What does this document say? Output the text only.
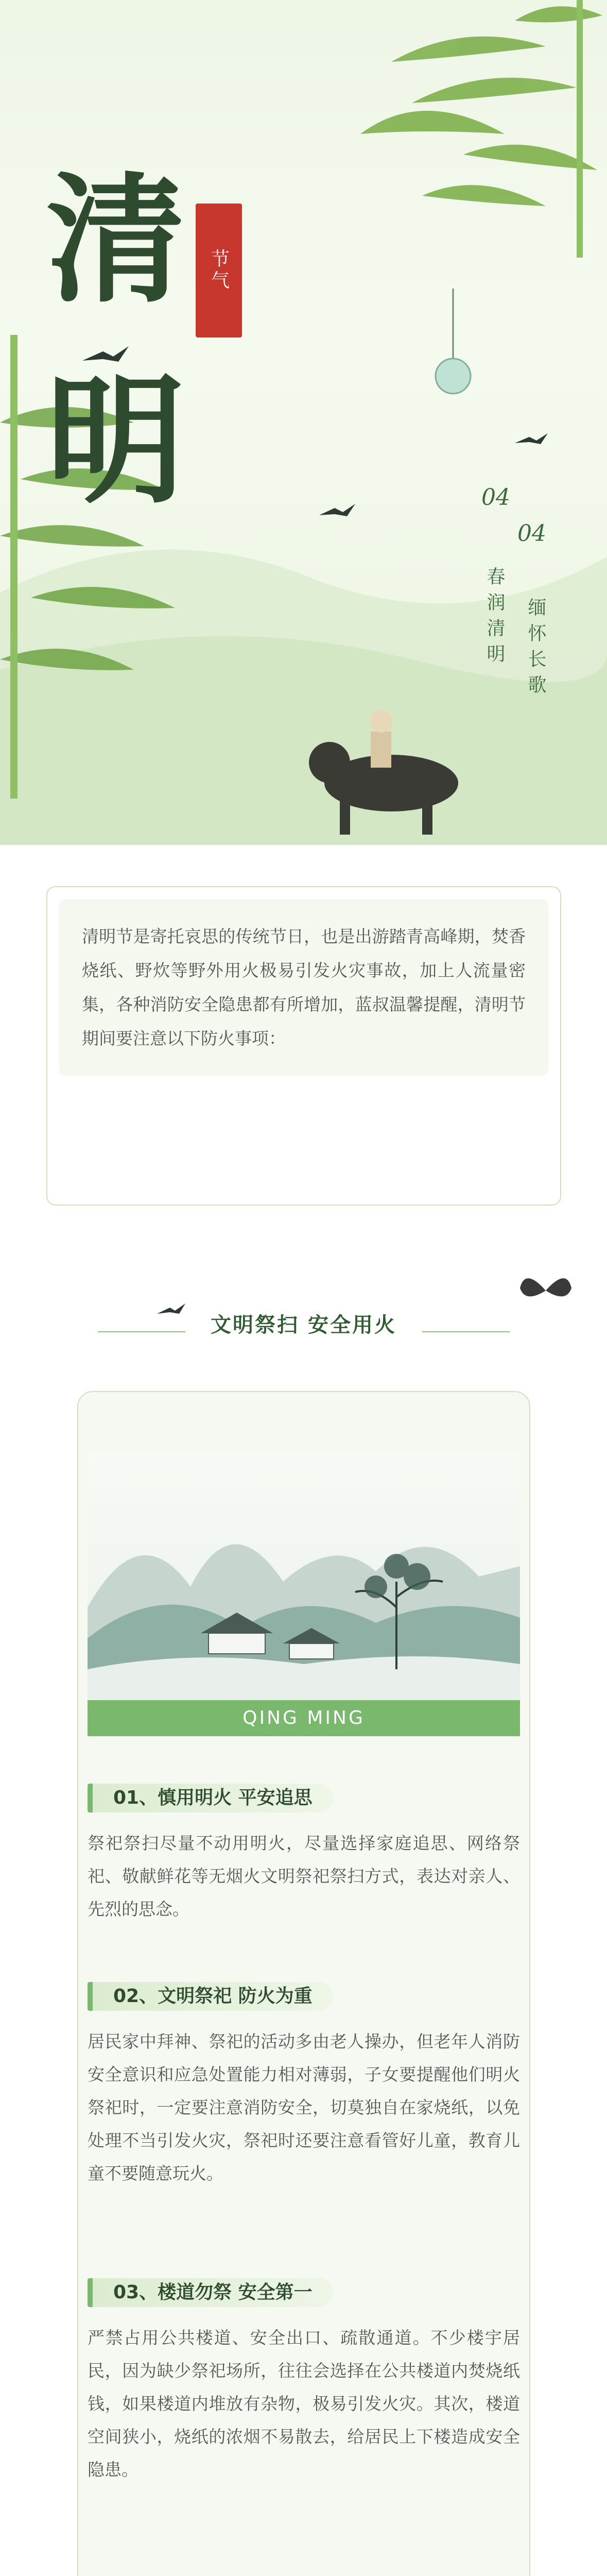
清
明
节气
04
04
春润清明 缅怀长歌
清明节是寄托哀思的传统节日，也是出游踏青高峰期，焚香烧纸、野炊等野外用火极易引发火灾事故，加上人流量密集，各种消防安全隐患都有所增加，蓝叔温馨提醒，清明节期间要注意以下防火事项：
文明祭扫 安全用火
QING MING
01、慎用明火 平安追思
祭祀祭扫尽量不动用明火，尽量选择家庭追思、网络祭祀、敬献鲜花等无烟火文明祭祀祭扫方式，表达对亲人、先烈的思念。
02、文明祭祀 防火为重
居民家中拜神、祭祀的活动多由老人操办，但老年人消防安全意识和应急处置能力相对薄弱，子女要提醒他们明火祭祀时，一定要注意消防安全，切莫独自在家烧纸，以免处理不当引发火灾，祭祀时还要注意看管好儿童，教育儿童不要随意玩火。
03、楼道勿祭 安全第一
严禁占用公共楼道、安全出口、疏散通道。不少楼宇居民，因为缺少祭祀场所，往往会选择在公共楼道内焚烧纸钱，如果楼道内堆放有杂物，极易引发火灾。其次，楼道空间狭小，烧纸的浓烟不易散去，给居民上下楼造成安全隐患。
